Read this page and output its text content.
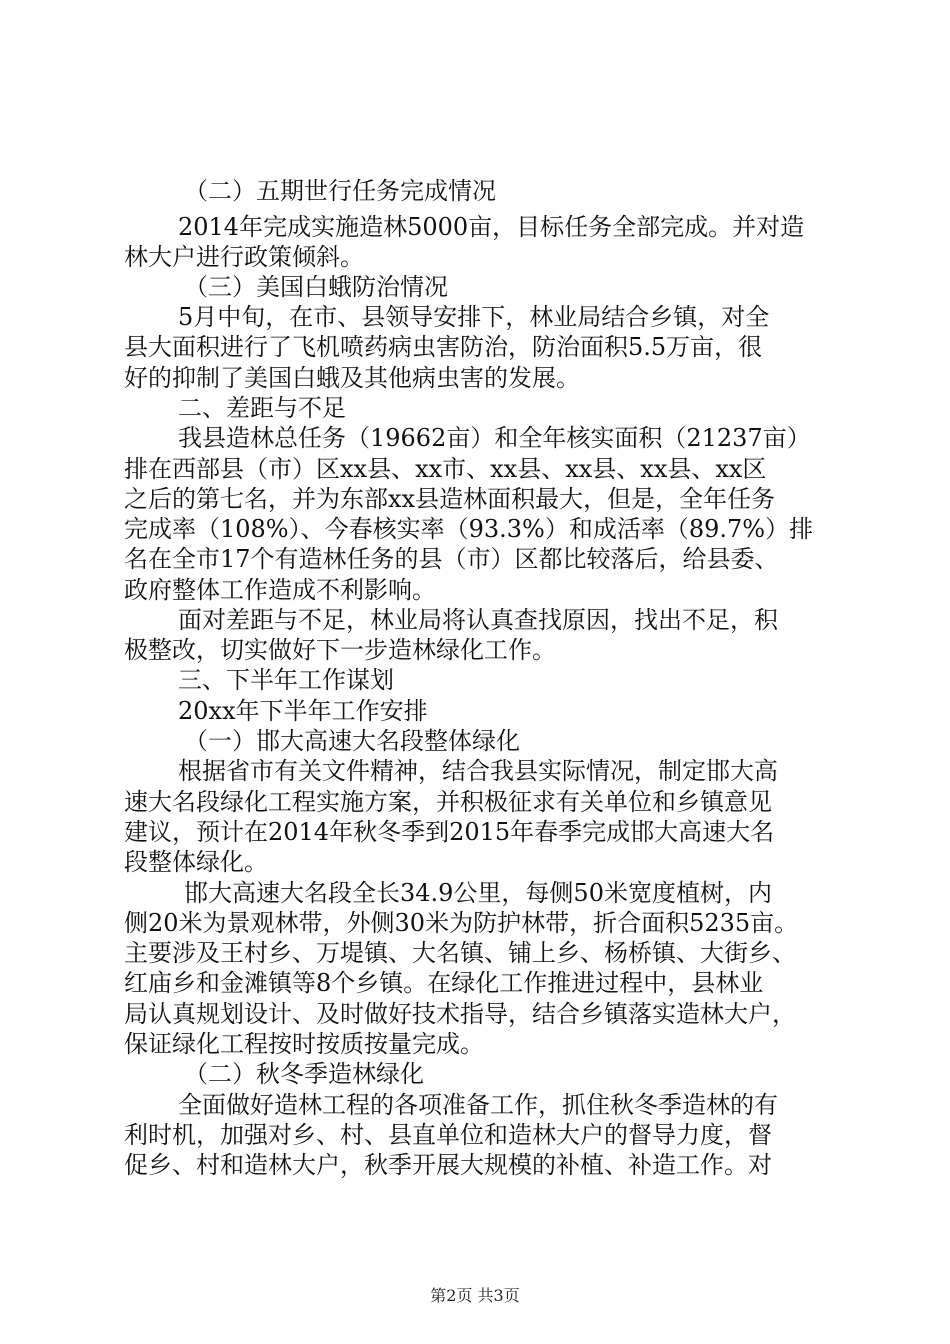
（二）五期世行任务完成情况
2014年完成实施造林5000亩，目标任务全部完成。并对造
林大户进行政策倾斜。
（三）美国白蛾防治情况
5月中旬，在市、县领导安排下，林业局结合乡镇，对全
县大面积进行了飞机喷药病虫害防治，防治面积5.5万亩，很
好的抑制了美国白蛾及其他病虫害的发展。
二、差距与不足
我县造林总任务（19662亩）和全年核实面积（21237亩）
排在西部县（市）区xx县、xx市、xx县、xx县、xx县、xx区
之后的第七名，并为东部xx县造林面积最大，但是，全年任务
完成率（108%）、今春核实率（93.3%）和成活率（89.7%）排
名在全市17个有造林任务的县（市）区都比较落后，给县委、
政府整体工作造成不利影响。
面对差距与不足，林业局将认真查找原因，找出不足，积
极整改，切实做好下一步造林绿化工作。
三、下半年工作谋划
20xx年下半年工作安排
（一）邯大高速大名段整体绿化
根据省市有关文件精神，结合我县实际情况，制定邯大高
速大名段绿化工程实施方案，并积极征求有关单位和乡镇意见
建议，预计在2014年秋冬季到2015年春季完成邯大高速大名
段整体绿化。
邯大高速大名段全长34.9公里，每侧50米宽度植树，内
侧20米为景观林带，外侧30米为防护林带，折合面积5235亩。
主要涉及王村乡、万堤镇、大名镇、铺上乡、杨桥镇、大街乡、
红庙乡和金滩镇等8个乡镇。在绿化工作推进过程中，县林业
局认真规划设计、及时做好技术指导，结合乡镇落实造林大户，
保证绿化工程按时按质按量完成。
（二）秋冬季造林绿化
全面做好造林工程的各项准备工作，抓住秋冬季造林的有
利时机，加强对乡、村、县直单位和造林大户的督导力度，督
促乡、村和造林大户，秋季开展大规模的补植、补造工作。对
第2页 共3页
